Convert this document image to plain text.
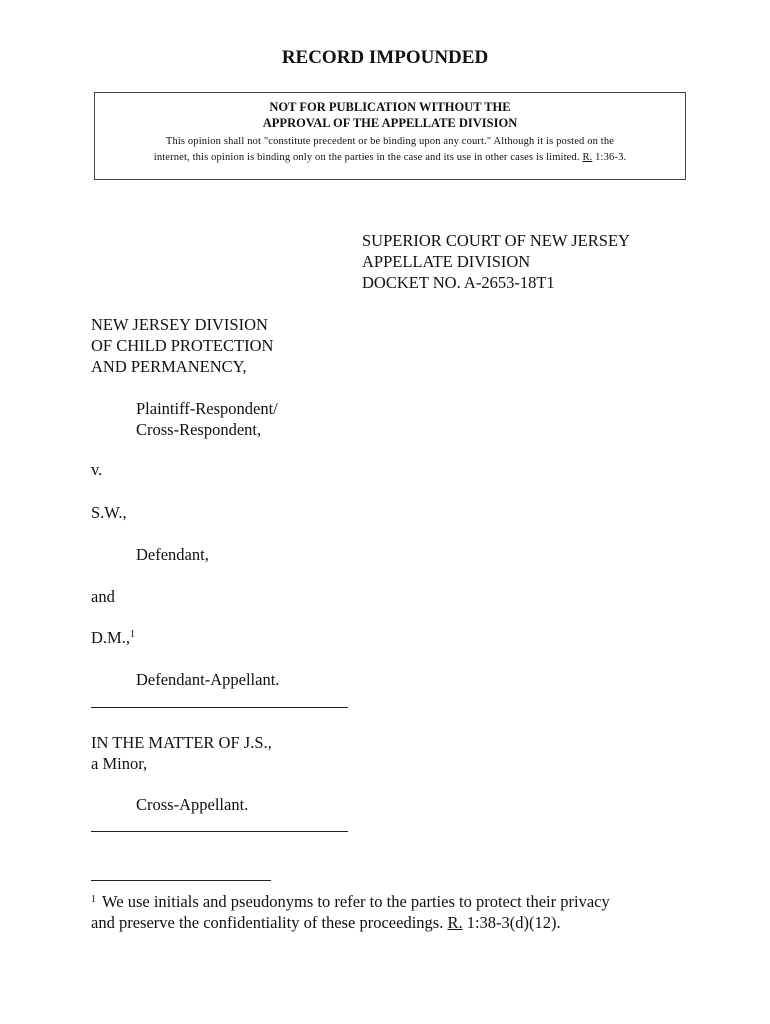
RECORD IMPOUNDED
NOT FOR PUBLICATION WITHOUT THE
APPROVAL OF THE APPELLATE DIVISION
This opinion shall not "constitute precedent or be binding upon any court." Although it is posted on the
internet, this opinion is binding only on the parties in the case and its use in other cases is limited. R. 1:36-3.
SUPERIOR COURT OF NEW JERSEY
APPELLATE DIVISION
DOCKET NO. A-2653-18T1
NEW JERSEY DIVISION
OF CHILD PROTECTION
AND PERMANENCY,
Plaintiff-Respondent/
Cross-Respondent,
v.
S.W.,
Defendant,
and
D.M.,$^1$
Defendant-Appellant.
IN THE MATTER OF J.S.,
a Minor,
Cross-Appellant.
$^1$ We use initials and pseudonyms to refer to the parties to protect their privacy
and preserve the confidentiality of these proceedings. R. 1:38-3(d)(12).
